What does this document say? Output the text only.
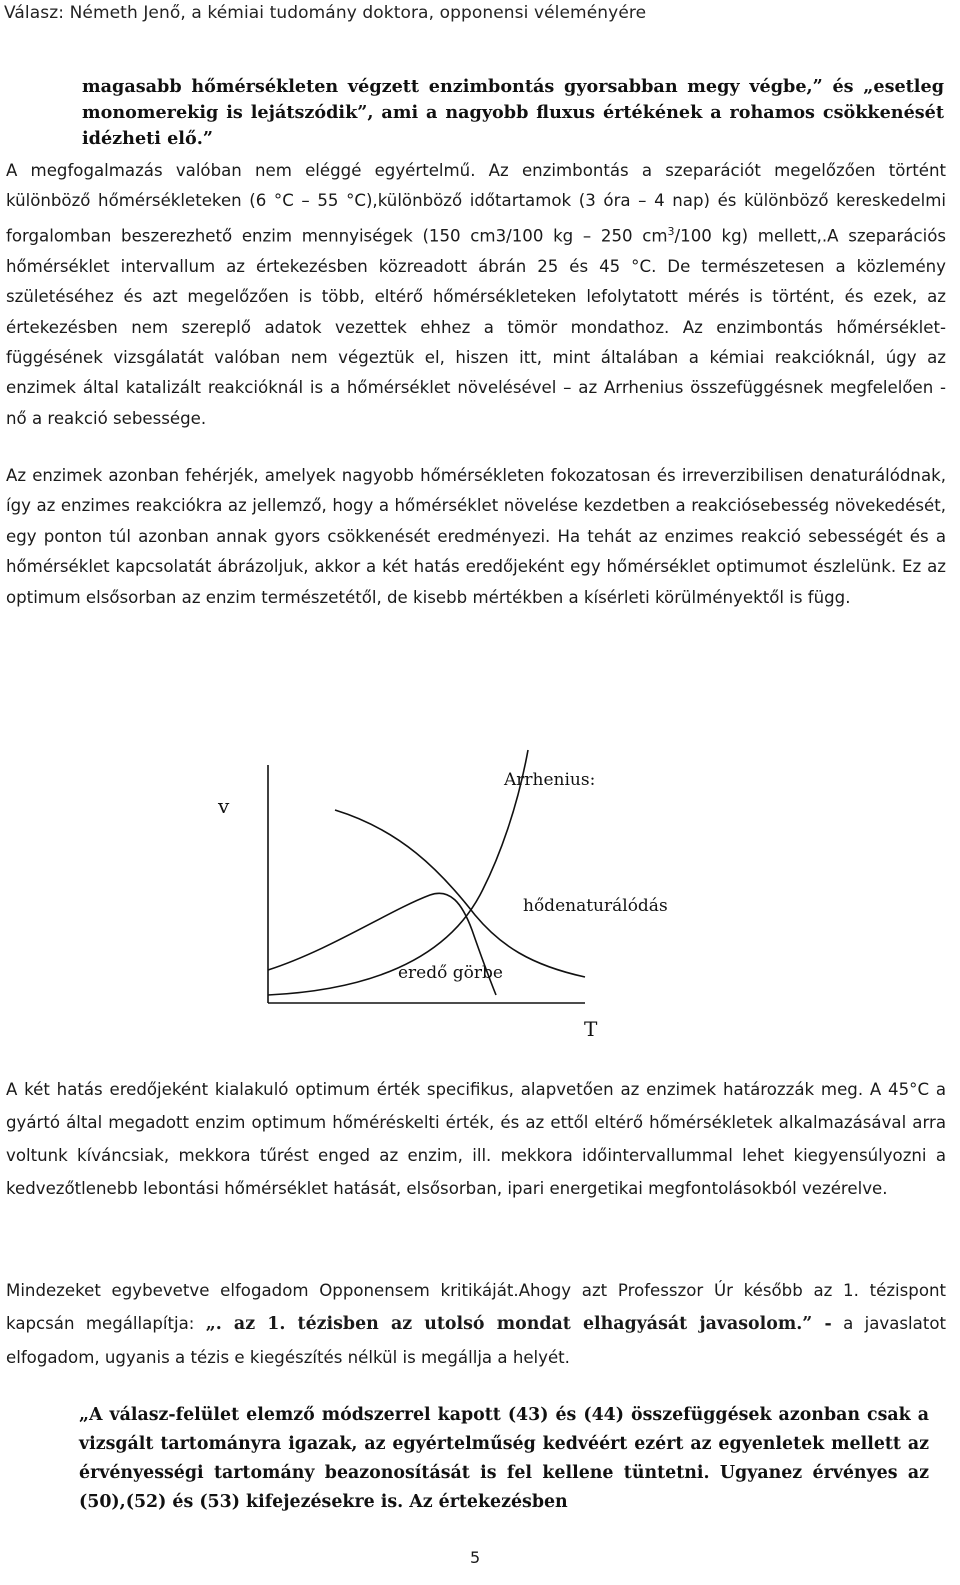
Válasz: Németh Jenő, a kémiai tudomány doktora, opponensi véleményére
magasabb hőmérsékleten végzett enzimbontás gyorsabban megy végbe,” és „esetleg monomerekig is lejátszódik”, ami a nagyobb fluxus értékének a rohamos csökkenését idézheti elő.”
A megfogalmazás valóban nem eléggé egyértelmű. Az enzimbontás a szeparációt megelőzően történt különböző hőmérsékleteken (6 °C – 55 °C),különböző időtartamok (3 óra – 4 nap) és különböző kereskedelmi forgalomban beszerezhető enzim mennyiségek (150 cm3/100 kg – 250 $cm^3/100$ kg) mellett,.A szeparációs hőmérséklet intervallum az értekezésben közreadott ábrán 25 és 45 °C. De természetesen a közlemény születéséhez és azt megelőzően is több, eltérő hőmérsékleteken lefolytatott mérés is történt, és ezek, az értekezésben nem szereplő adatok vezettek ehhez a tömör mondathoz. Az enzimbontás hőmérséklet-függésének vizsgálatát valóban nem végeztük el, hiszen itt, mint általában a kémiai reakcióknál, úgy az enzimek által katalizált reakcióknál is a hőmérséklet növelésével – az Arrhenius összefüggésnek megfelelően - nő a reakció sebessége.
Az enzimek azonban fehérjék, amelyek nagyobb hőmérsékleten fokozatosan és irreverzibilisen denaturálódnak, így az enzimes reakciókra az jellemző, hogy a hőmérséklet növelése kezdetben a reakciósebesség növekedését, egy ponton túl azonban annak gyors csökkenését eredményezi. Ha tehát az enzimes reakció sebességét és a hőmérséklet kapcsolatát ábrázoljuk, akkor a két hatás eredőjeként egy hőmérséklet optimumot észlelünk. Ez az optimum elsősorban az enzim természetétől, de kisebb mértékben a kísérleti körülményektől is függ.
v
T
Arrhenius:
hődenaturálódás
eredő görbe
A két hatás eredőjeként kialakuló optimum érték specifikus, alapvetően az enzimek határozzák meg. A 45°C a gyártó által megadott enzim optimum hőméréskelti érték, és az ettől eltérő hőmérsékletek alkalmazásával arra voltunk kíváncsiak, mekkora tűrést enged az enzim, ill. mekkora időintervallummal lehet kiegyensúlyozni a kedvezőtlenebb lebontási hőmérséklet hatását, elsősorban, ipari energetikai megfontolásokból vezérelve.
Mindezeket egybevetve elfogadom Opponensem kritikáját.Ahogy azt Professzor Úr később az 1. tézispont kapcsán megállapítja: „. az 1. tézisben az utolsó mondat elhagyását javasolom.” - a javaslatot elfogadom, ugyanis a tézis e kiegészítés nélkül is megállja a helyét.
„A válasz-felület elemző módszerrel kapott (43) és (44) összefüggések azonban csak a vizsgált tartományra igazak, az egyértelműség kedvéért ezért az egyenletek mellett az érvényességi tartomány beazonosítását is fel kellene tüntetni. Ugyanez érvényes az (50),(52) és (53) kifejezésekre is. Az értekezésben
5
